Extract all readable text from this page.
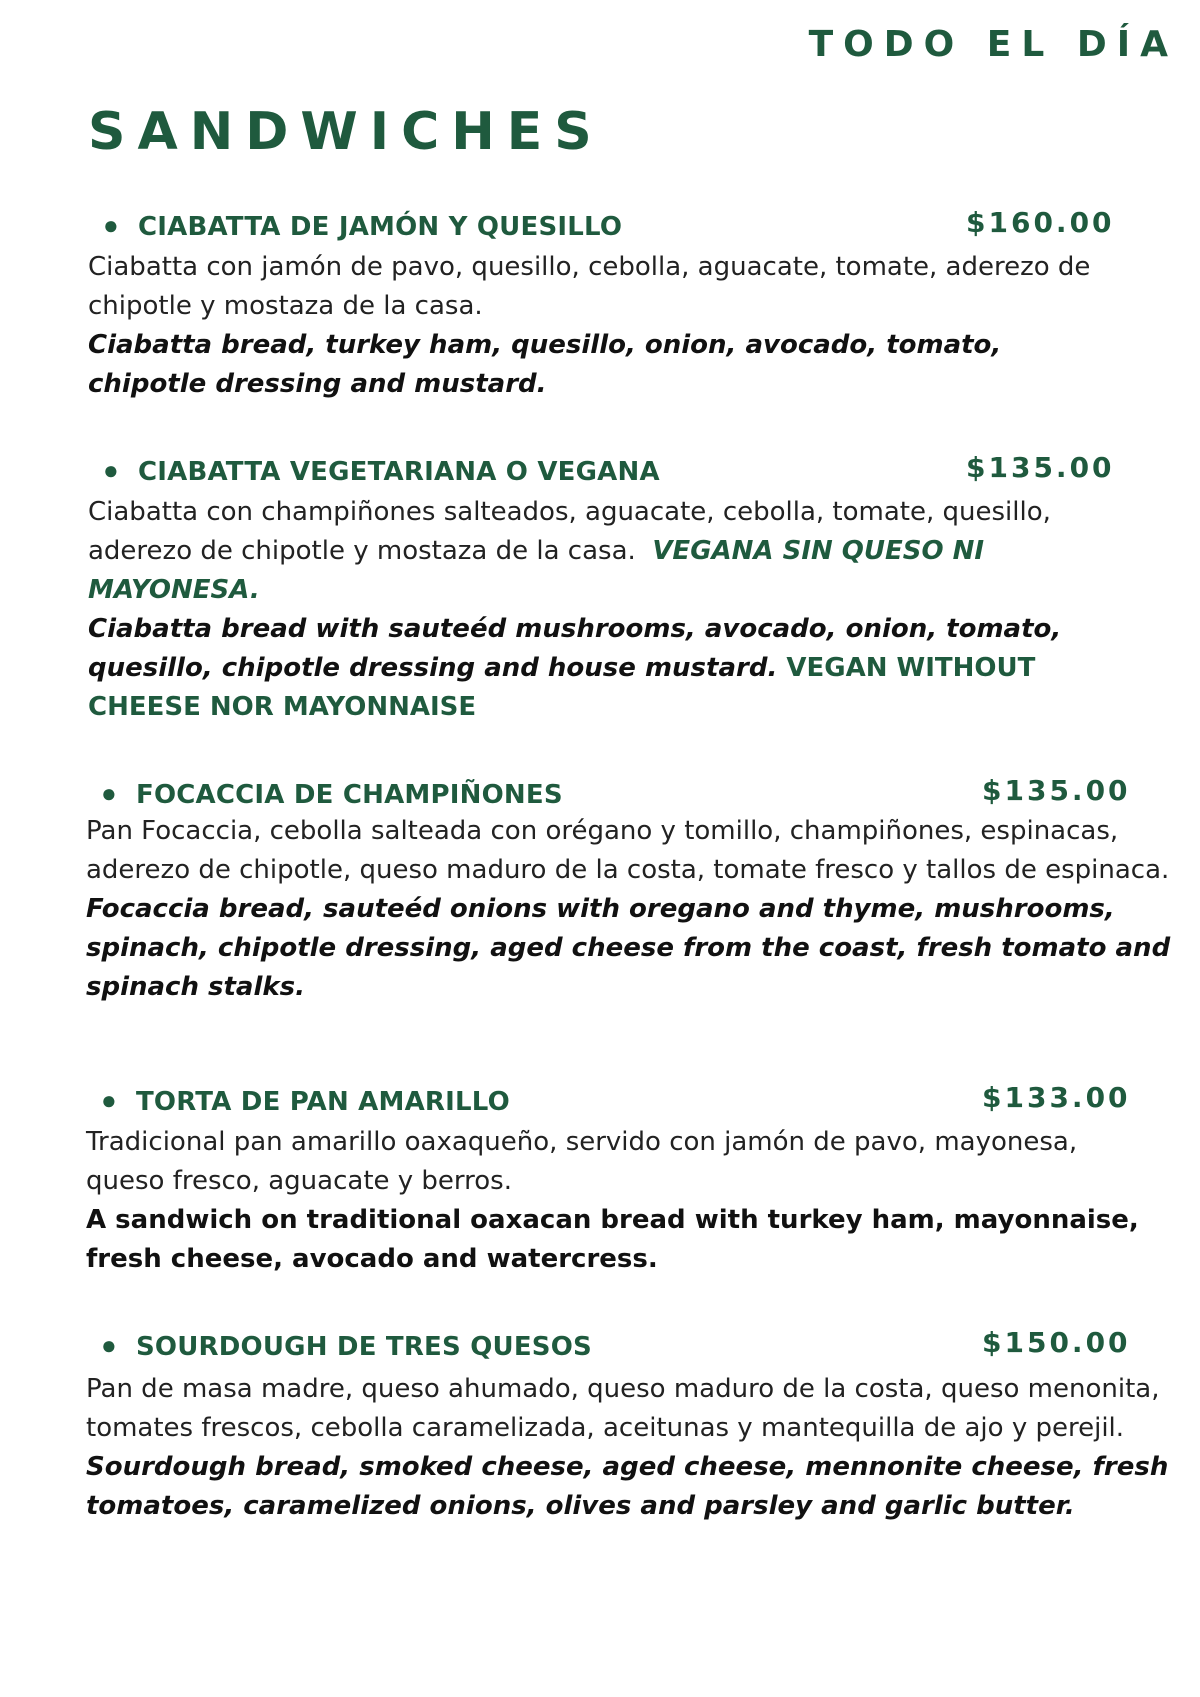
TODO EL DÍA
SANDWICHES
● CIABATTA DE JAMÓN Y QUESILLO	$160.00

Ciabatta con jamón de pavo, quesillo, cebolla, aguacate, tomate, aderezo de chipotle y mostaza de la casa.

Ciabatta bread, turkey ham, quesillo, onion, avocado, tomato, chipotle dressing and mustard.

● CIABATTA VEGETARIANA O VEGANA	$135.00

Ciabatta con champiñones salteados, aguacate, cebolla, tomate, quesillo, aderezo de chipotle y mostaza de la casa. VEGANA SIN QUESO NI MAYONESA.

Ciabatta bread with sauteéd mushrooms, avocado, onion, tomato, quesillo, chipotle dressing and house mustard. VEGAN WITHOUT CHEESE NOR MAYONNAISE

● FOCACCIA DE CHAMPIÑONES	$135.00

Pan Focaccia, cebolla salteada con orégano y tomillo, champiñones, espinacas, aderezo de chipotle, queso maduro de la costa, tomate fresco y tallos de espinaca.

Focaccia bread, sauteéd onions with oregano and thyme, mushrooms, spinach, chipotle dressing, aged cheese from the coast, fresh tomato and spinach stalks.

● TORTA DE PAN AMARILLO	$133.00

Tradicional pan amarillo oaxaqueño, servido con jamón de pavo, mayonesa, queso fresco, aguacate y berros.

A sandwich on traditional oaxacan bread with turkey ham, mayonnaise, fresh cheese, avocado and watercress.

● SOURDOUGH DE TRES QUESOS	$150.00

Pan de masa madre, queso ahumado, queso maduro de la costa, queso menonita, tomates frescos, cebolla caramelizada, aceitunas y mantequilla de ajo y perejil.

Sourdough bread, smoked cheese, aged cheese, mennonite cheese, fresh tomatoes, caramelized onions, olives and parsley and garlic butter.
